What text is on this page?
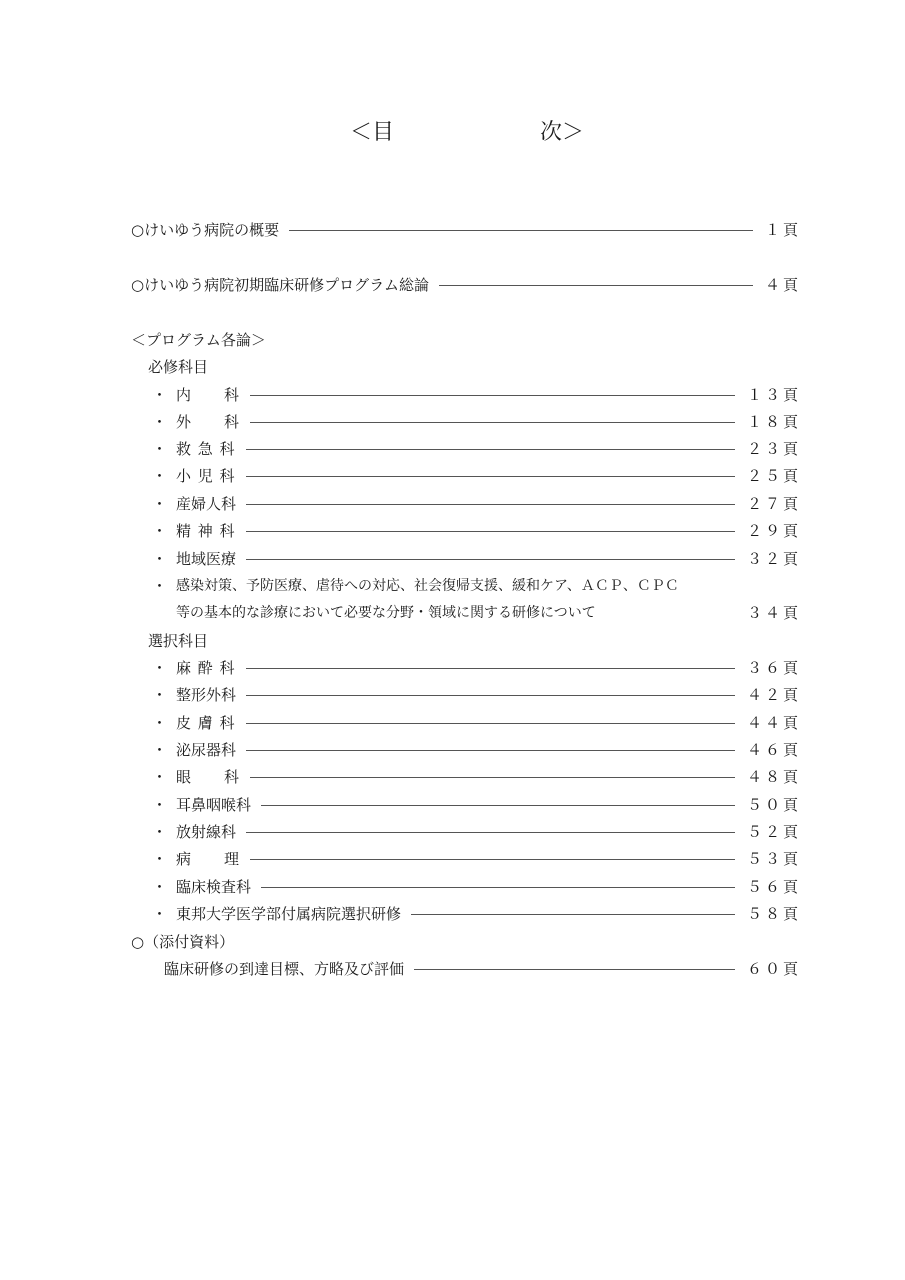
＜目	次＞
○けいゆう病院の概要	１頁
○けいゆう病院初期臨床研修プログラム総論	４頁
＜プログラム各論＞
必修科目
・ 内　　科	１３頁
・ 外　　科	１８頁
・ 救 急 科	２３頁
・ 小 児 科	２５頁
・ 産婦人科	２７頁
・ 精 神 科	２９頁
・ 地域医療	３２頁
・ 感染対策、予防医療、虐待への対応、社会復帰支援、緩和ケア、ＡＣＰ、ＣＰＣ
等の基本的な診療において必要な分野・領域に関する研修について	３４頁
選択科目
・ 麻 酔 科	３６頁
・ 整形外科	４２頁
・ 皮 膚 科	４４頁
・ 泌尿器科	４６頁
・ 眼　　科	４８頁
・ 耳鼻咽喉科	５０頁
・ 放射線科	５２頁
・ 病　　理	５３頁
・ 臨床検査科	５６頁
・ 東邦大学医学部付属病院選択研修	５８頁
○（添付資料）
臨床研修の到達目標、方略及び評価	６０頁
